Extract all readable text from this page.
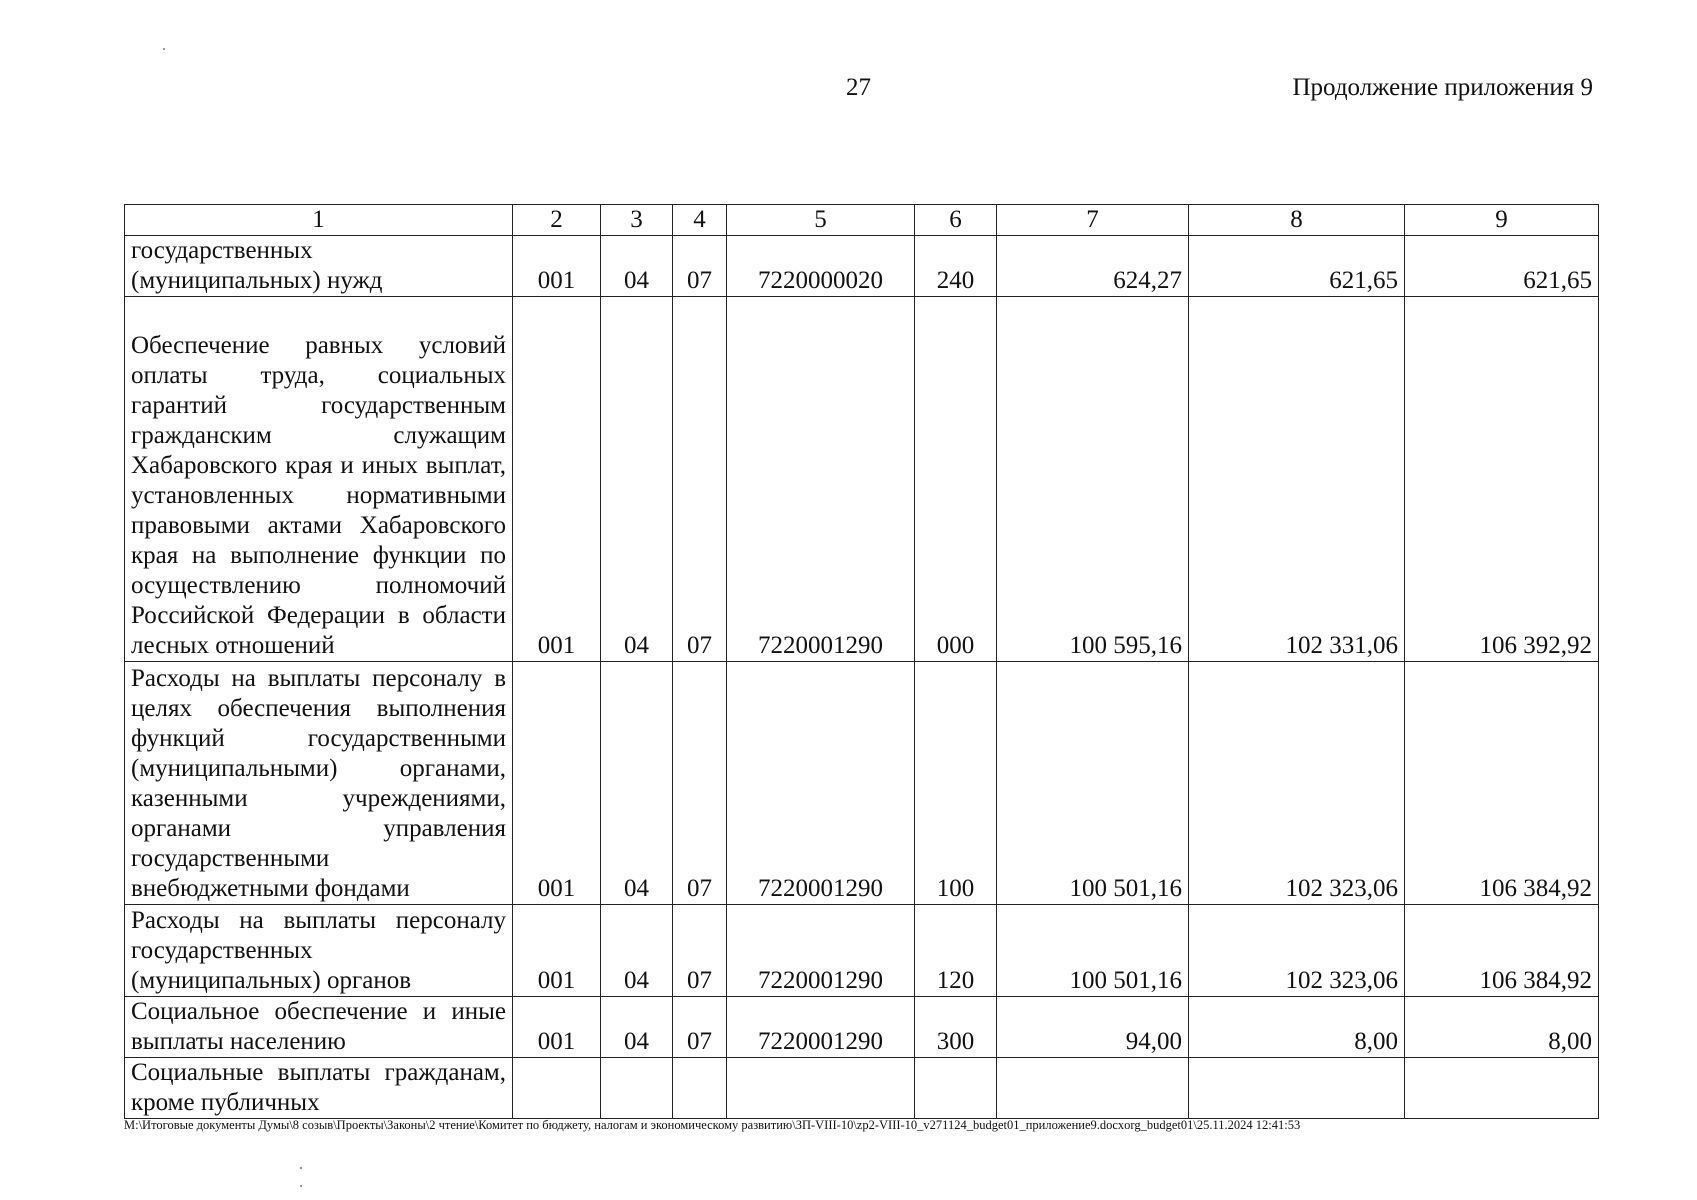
27	Продолжение приложения 9
1	2	3	4	5	6	7	8	9
государственных (муниципальных) нужд	001	04	07	7220000020	240	624,27	621,65	621,65
Обеспечение равных условий оплаты труда, социальных гарантий государственным гражданским служащим Хабаровского края и иных выплат, установленных нормативными правовыми актами Хабаровского края на выполнение функции по осуществлению полномочий Российской Федерации в области лесных отношений	001	04	07	7220001290	000	100 595,16	102 331,06	106 392,92
Расходы на выплаты персоналу в целях обеспечения выполнения функций государственными (муниципальными) органами, казенными учреждениями, органами управления государственными внебюджетными фондами	001	04	07	7220001290	100	100 501,16	102 323,06	106 384,92
Расходы на выплаты персоналу государственных (муниципальных) органов	001	04	07	7220001290	120	100 501,16	102 323,06	106 384,92
Социальное обеспечение и иные выплаты населению	001	04	07	7220001290	300	94,00	8,00	8,00
Социальные выплаты гражданам, кроме публичных								
М:\Итоговые документы Думы\8 созыв\Проекты\Законы\2 чтение\Комитет по бюджету, налогам и экономическому развитию\ЗП-VIII-10\zp2-VIII-10_v271124_budget01_приложение9.docxorg_budget01\25.11.2024 12:41:53
